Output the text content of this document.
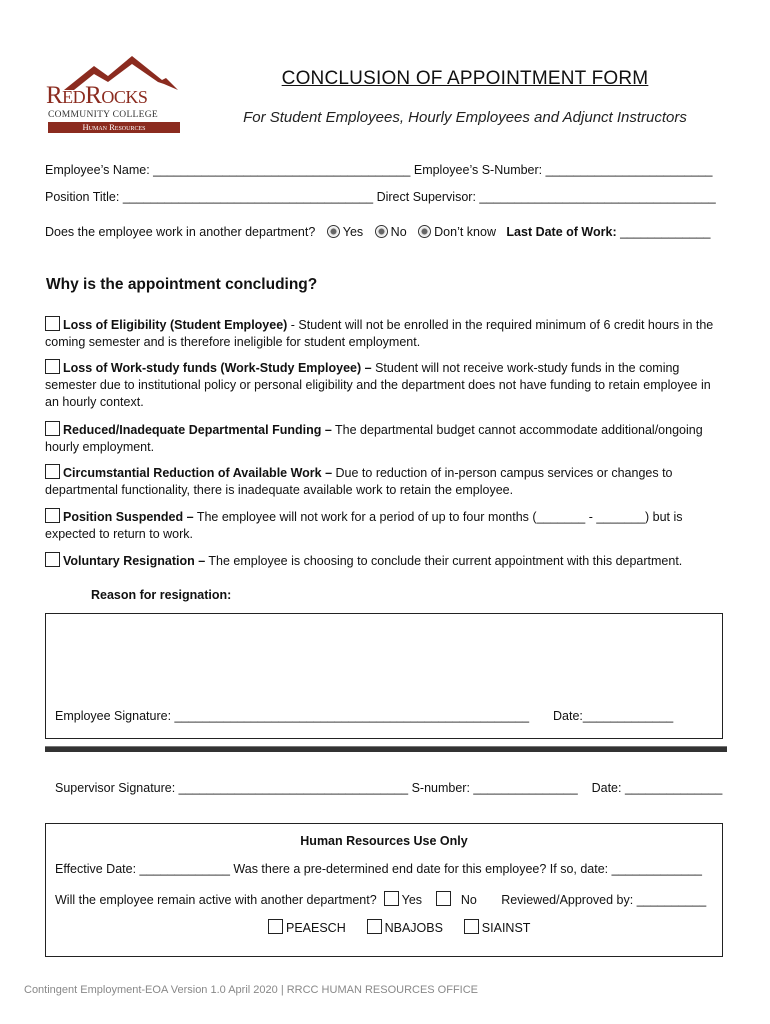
RedRocks
COMMUNITY COLLEGE
Human Resources
CONCLUSION OF APPOINTMENT FORM
For Student Employees, Hourly Employees and Adjunct Instructors
Employee’s Name: _____________________________________ Employee’s S-Number: ________________________
Position Title: ____________________________________ Direct Supervisor: __________________________________
Does the employee work in another department? Yes No Don’t know Last Date of Work: _____________
Why is the appointment concluding?
Loss of Eligibility (Student Employee) - Student will not be enrolled in the required minimum of 6 credit hours in the coming semester and is therefore ineligible for student employment.
Loss of Work-study funds (Work-Study Employee) – Student will not receive work-study funds in the coming semester due to institutional policy or personal eligibility and the department does not have funding to retain employee in an hourly context.
Reduced/Inadequate Departmental Funding – The departmental budget cannot accommodate additional/ongoing hourly employment.
Circumstantial Reduction of Available Work – Due to reduction of in-person campus services or changes to departmental functionality, there is inadequate available work to retain the employee.
Position Suspended – The employee will not work for a period of up to four months (_______ - _______) but is expected to return to work.
Voluntary Resignation – The employee is choosing to conclude their current appointment with this department.
Reason for resignation:
Employee Signature: ___________________________________________________ Date:_____________
Supervisor Signature: _________________________________ S-number: _______________ Date: ______________
Human Resources Use Only
Effective Date: _____________ Was there a pre-determined end date for this employee? If so, date: _____________
Will the employee remain active with another department? Yes	No Reviewed/Approved by: __________
PEAESCH	NBAJOBS	SIAINST
Contingent Employment-EOA Version 1.0 April 2020 | RRCC HUMAN RESOURCES OFFICE
